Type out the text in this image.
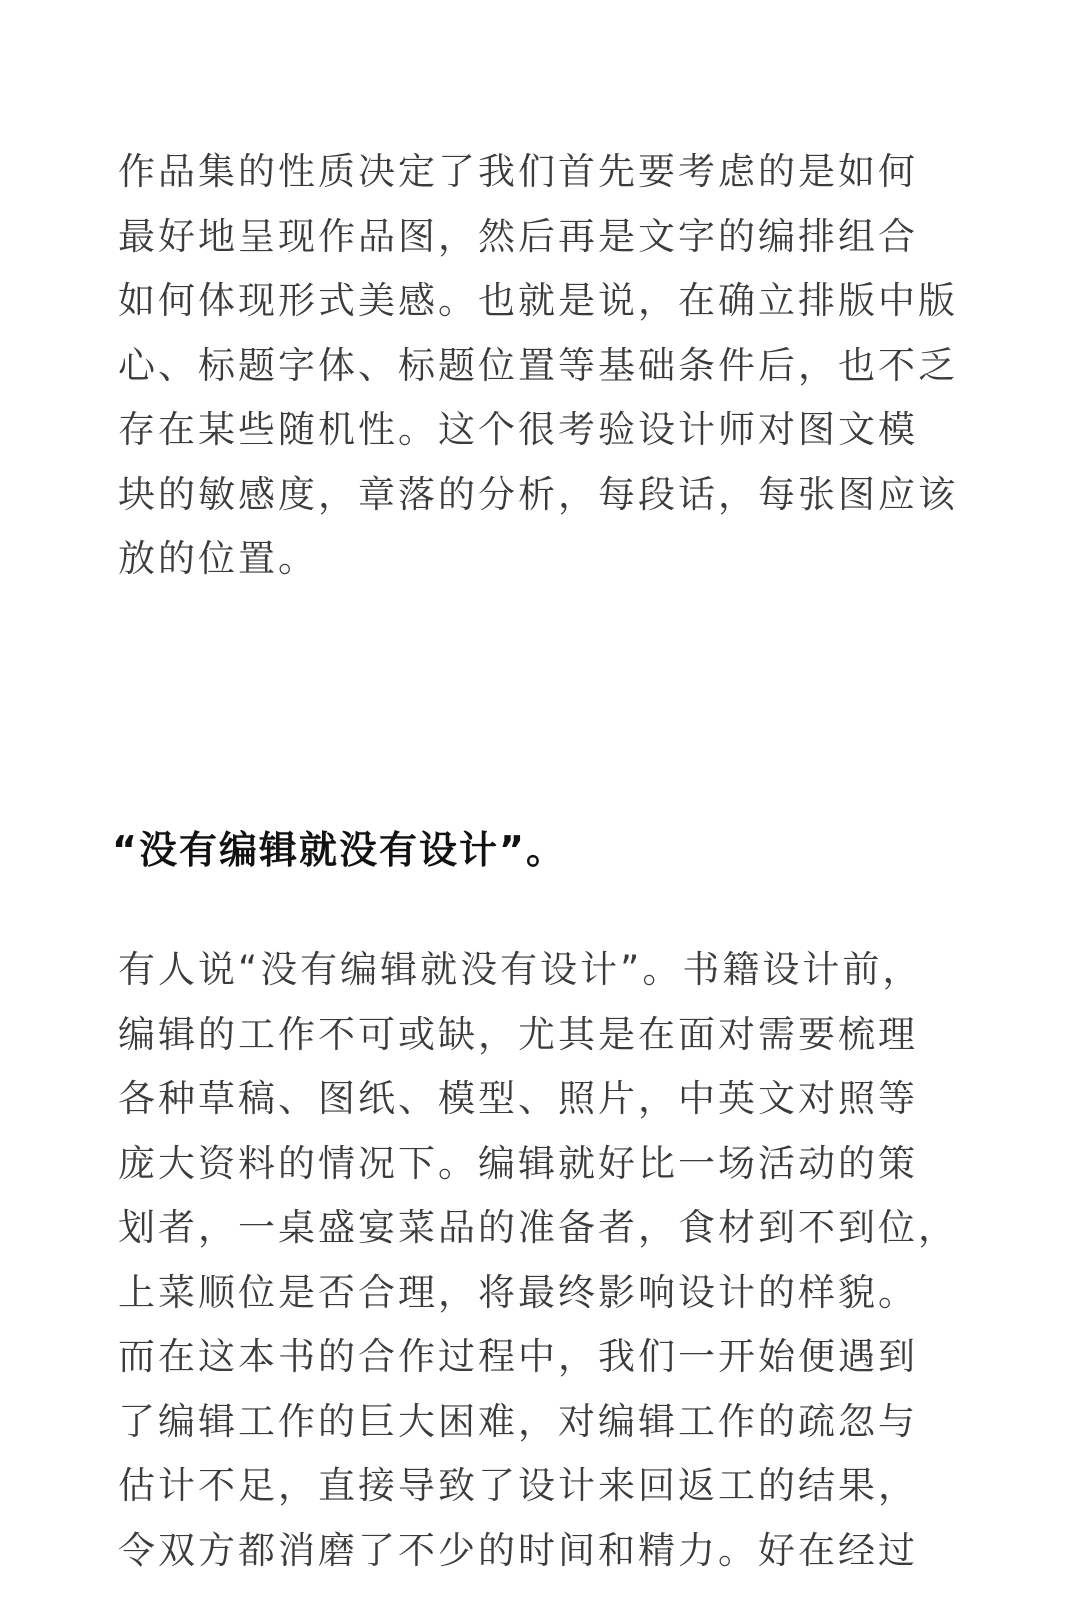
作品集的性质决定了我们首先要考虑的是如何
最好地呈现作品图，然后再是文字的编排组合
如何体现形式美感。也就是说，在确立排版中版
心、标题字体、标题位置等基础条件后，也不乏
存在某些随机性。这个很考验设计师对图文模
块的敏感度，章落的分析，每段话，每张图应该
放的位置。
“没有编辑就没有设计”。
有人说“没有编辑就没有设计”。书籍设计前，
编辑的工作不可或缺，尤其是在面对需要梳理
各种草稿、图纸、模型、照片，中英文对照等
庞大资料的情况下。编辑就好比一场活动的策
划者，一桌盛宴菜品的准备者，食材到不到位，
上菜顺位是否合理，将最终影响设计的样貌。
而在这本书的合作过程中，我们一开始便遇到
了编辑工作的巨大困难，对编辑工作的疏忽与
估计不足，直接导致了设计来回返工的结果，
令双方都消磨了不少的时间和精力。好在经过
